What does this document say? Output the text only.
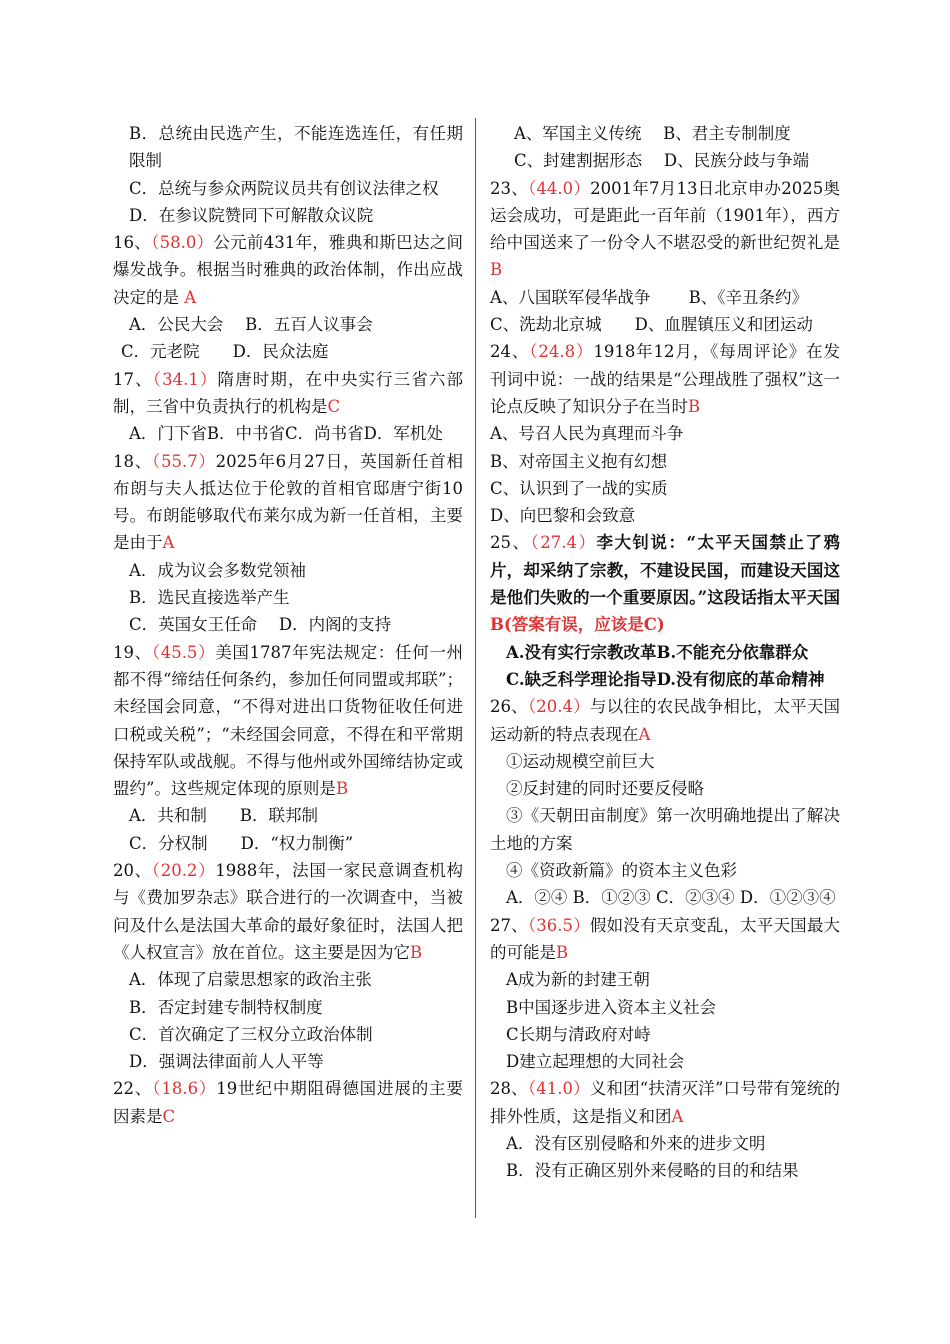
B．总统由民选产生，不能连选连任，有任期限制

C．总统与参众两院议员共有创议法律之权

D．在参议院赞同下可解散众议院

16、（58.0）公元前431年，雅典和斯巴达之间爆发战争。根据当时雅典的政治体制，作出应战决定的是 A

A．公民大会　 B．五百人议事会

C．元老院　　D．民众法庭

17、（34.1）隋唐时期，在中央实行三省六部制，三省中负责执行的机构是C

A．门下省B．中书省C．尚书省D．军机处

18、（55.7）2025年6月27日，英国新任首相布朗与夫人抵达位于伦敦的首相官邸唐宁街10号。布朗能够取代布莱尔成为新一任首相，主要是由于A

A．成为议会多数党领袖

B．选民直接选举产生

C．英国女王任命　 D．内阁的支持

19、（45.5）美国1787年宪法规定：任何一州都不得“缔结任何条约，参加任何同盟或邦联”；未经国会同意，“不得对进出口货物征收任何进口税或关税”；“未经国会同意，不得在和平常期保持军队或战舰。不得与他州或外国缔结协定或盟约”。这些规定体现的原则是B

A．共和制　　B．联邦制

C．分权制　　D．“权力制衡”

20、（20.2）1988年，法国一家民意调查机构与《费加罗杂志》联合进行的一次调查中，当被问及什么是法国大革命的最好象征时，法国人把《人权宣言》放在首位。这主要是因为它B

A．体现了启蒙思想家的政治主张

B．否定封建专制特权制度

C．首次确定了三权分立政治体制

D．强调法律面前人人平等

22、（18.6）19世纪中期阻碍德国进展的主要因素是C

A、军国主义传统　 B、君主专制制度

C、封建割据形态　 D、民族分歧与争端

23、（44.0）2001年7月13日北京申办2025奥运会成功，可是距此一百年前（1901年），西方给中国送来了一份令人不堪忍受的新世纪贺礼是B

A、八国联军侵华战争　　 B、《辛丑条约》

C、洗劫北京城　　D、血腥镇压义和团运动

24、（24.8）1918年12月，《每周评论》在发刊词中说：一战的结果是“公理战胜了强权”这一论点反映了知识分子在当时B

A、号召人民为真理而斗争

B、对帝国主义抱有幻想

C、认识到了一战的实质

D、向巴黎和会致意

25、（27.4）李大钊说：“太平天国禁止了鸦片，却采纳了宗教，不建设民国，而建设天国这是他们失败的一个重要原因。”这段话指太平天国B(答案有误，应该是C)

A.没有实行宗教改革B.不能充分依靠群众

C.缺乏科学理论指导D.没有彻底的革命精神

26、（20.4）与以往的农民战争相比，太平天国运动新的特点表现在A

①运动规模空前巨大

②反封建的同时还要反侵略

③《天朝田亩制度》第一次明确地提出了解决土地的方案

④《资政新篇》的资本主义色彩

A．②④ B．①②③ C．②③④ D．①②③④

27、（36.5）假如没有天京变乱，太平天国最大的可能是B

A成为新的封建王朝

B中国逐步进入资本主义社会

C长期与清政府对峙

D建立起理想的大同社会

28、（41.0）义和团“扶清灭洋”口号带有笼统的排外性质，这是指义和团A

A．没有区别侵略和外来的进步文明

B．没有正确区别外来侵略的目的和结果
